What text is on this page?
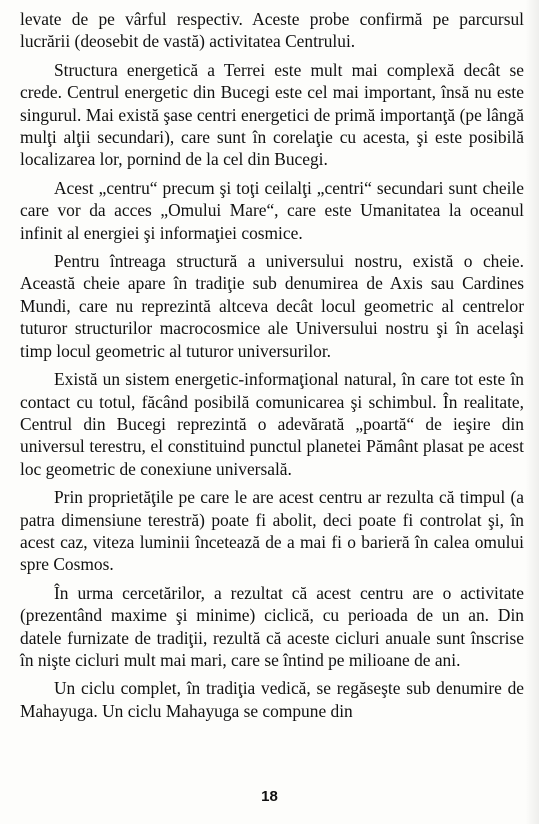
levate de pe vârful respectiv. Aceste probe confirmă pe parcursul lucrării (deosebit de vastă) activitatea Centrului.

Structura energetică a Terrei este mult mai complexă decât se crede. Centrul energetic din Bucegi este cel mai important, însă nu este singurul. Mai există şase centri energetici de primă importanţă (pe lângă mulţi alţii secundari), care sunt în corelaţie cu acesta, şi este posibilă localizarea lor, pornind de la cel din Bucegi.

Acest „centru“ precum şi toţi ceilalţi „centri“ secundari sunt cheile care vor da acces „Omului Mare“, care este Umanitatea la oceanul infinit al energiei şi informaţiei cosmice.

Pentru întreaga structură a universului nostru, există o cheie. Această cheie apare în tradiţie sub denumirea de Axis sau Cardines Mundi, care nu reprezintă altceva decât locul geometric al centrelor tuturor structurilor macrocosmice ale Universului nostru şi în acelaşi timp locul geometric al tuturor universurilor.

Există un sistem energetic-informaţional natural, în care tot este în contact cu totul, făcând posibilă comunicarea şi schimbul. În realitate, Centrul din Bucegi reprezintă o adevărată „poartă“ de ieşire din universul terestru, el constituind punctul planetei Pământ plasat pe acest loc geometric de conexiune universală.

Prin proprietăţile pe care le are acest centru ar rezulta că timpul (a patra dimensiune terestră) poate fi abolit, deci poate fi controlat şi, în acest caz, viteza luminii încetează de a mai fi o barieră în calea omului spre Cosmos.

În urma cercetărilor, a rezultat că acest centru are o activitate (prezentând maxime şi minime) ciclică, cu perioada de un an. Din datele furnizate de tradiţii, rezultă că aceste cicluri anuale sunt înscrise în nişte cicluri mult mai mari, care se întind pe milioane de ani.

Un ciclu complet, în tradiţia vedică, se regăseşte sub denumire de Mahayuga. Un ciclu Mahayuga se compune din

18
